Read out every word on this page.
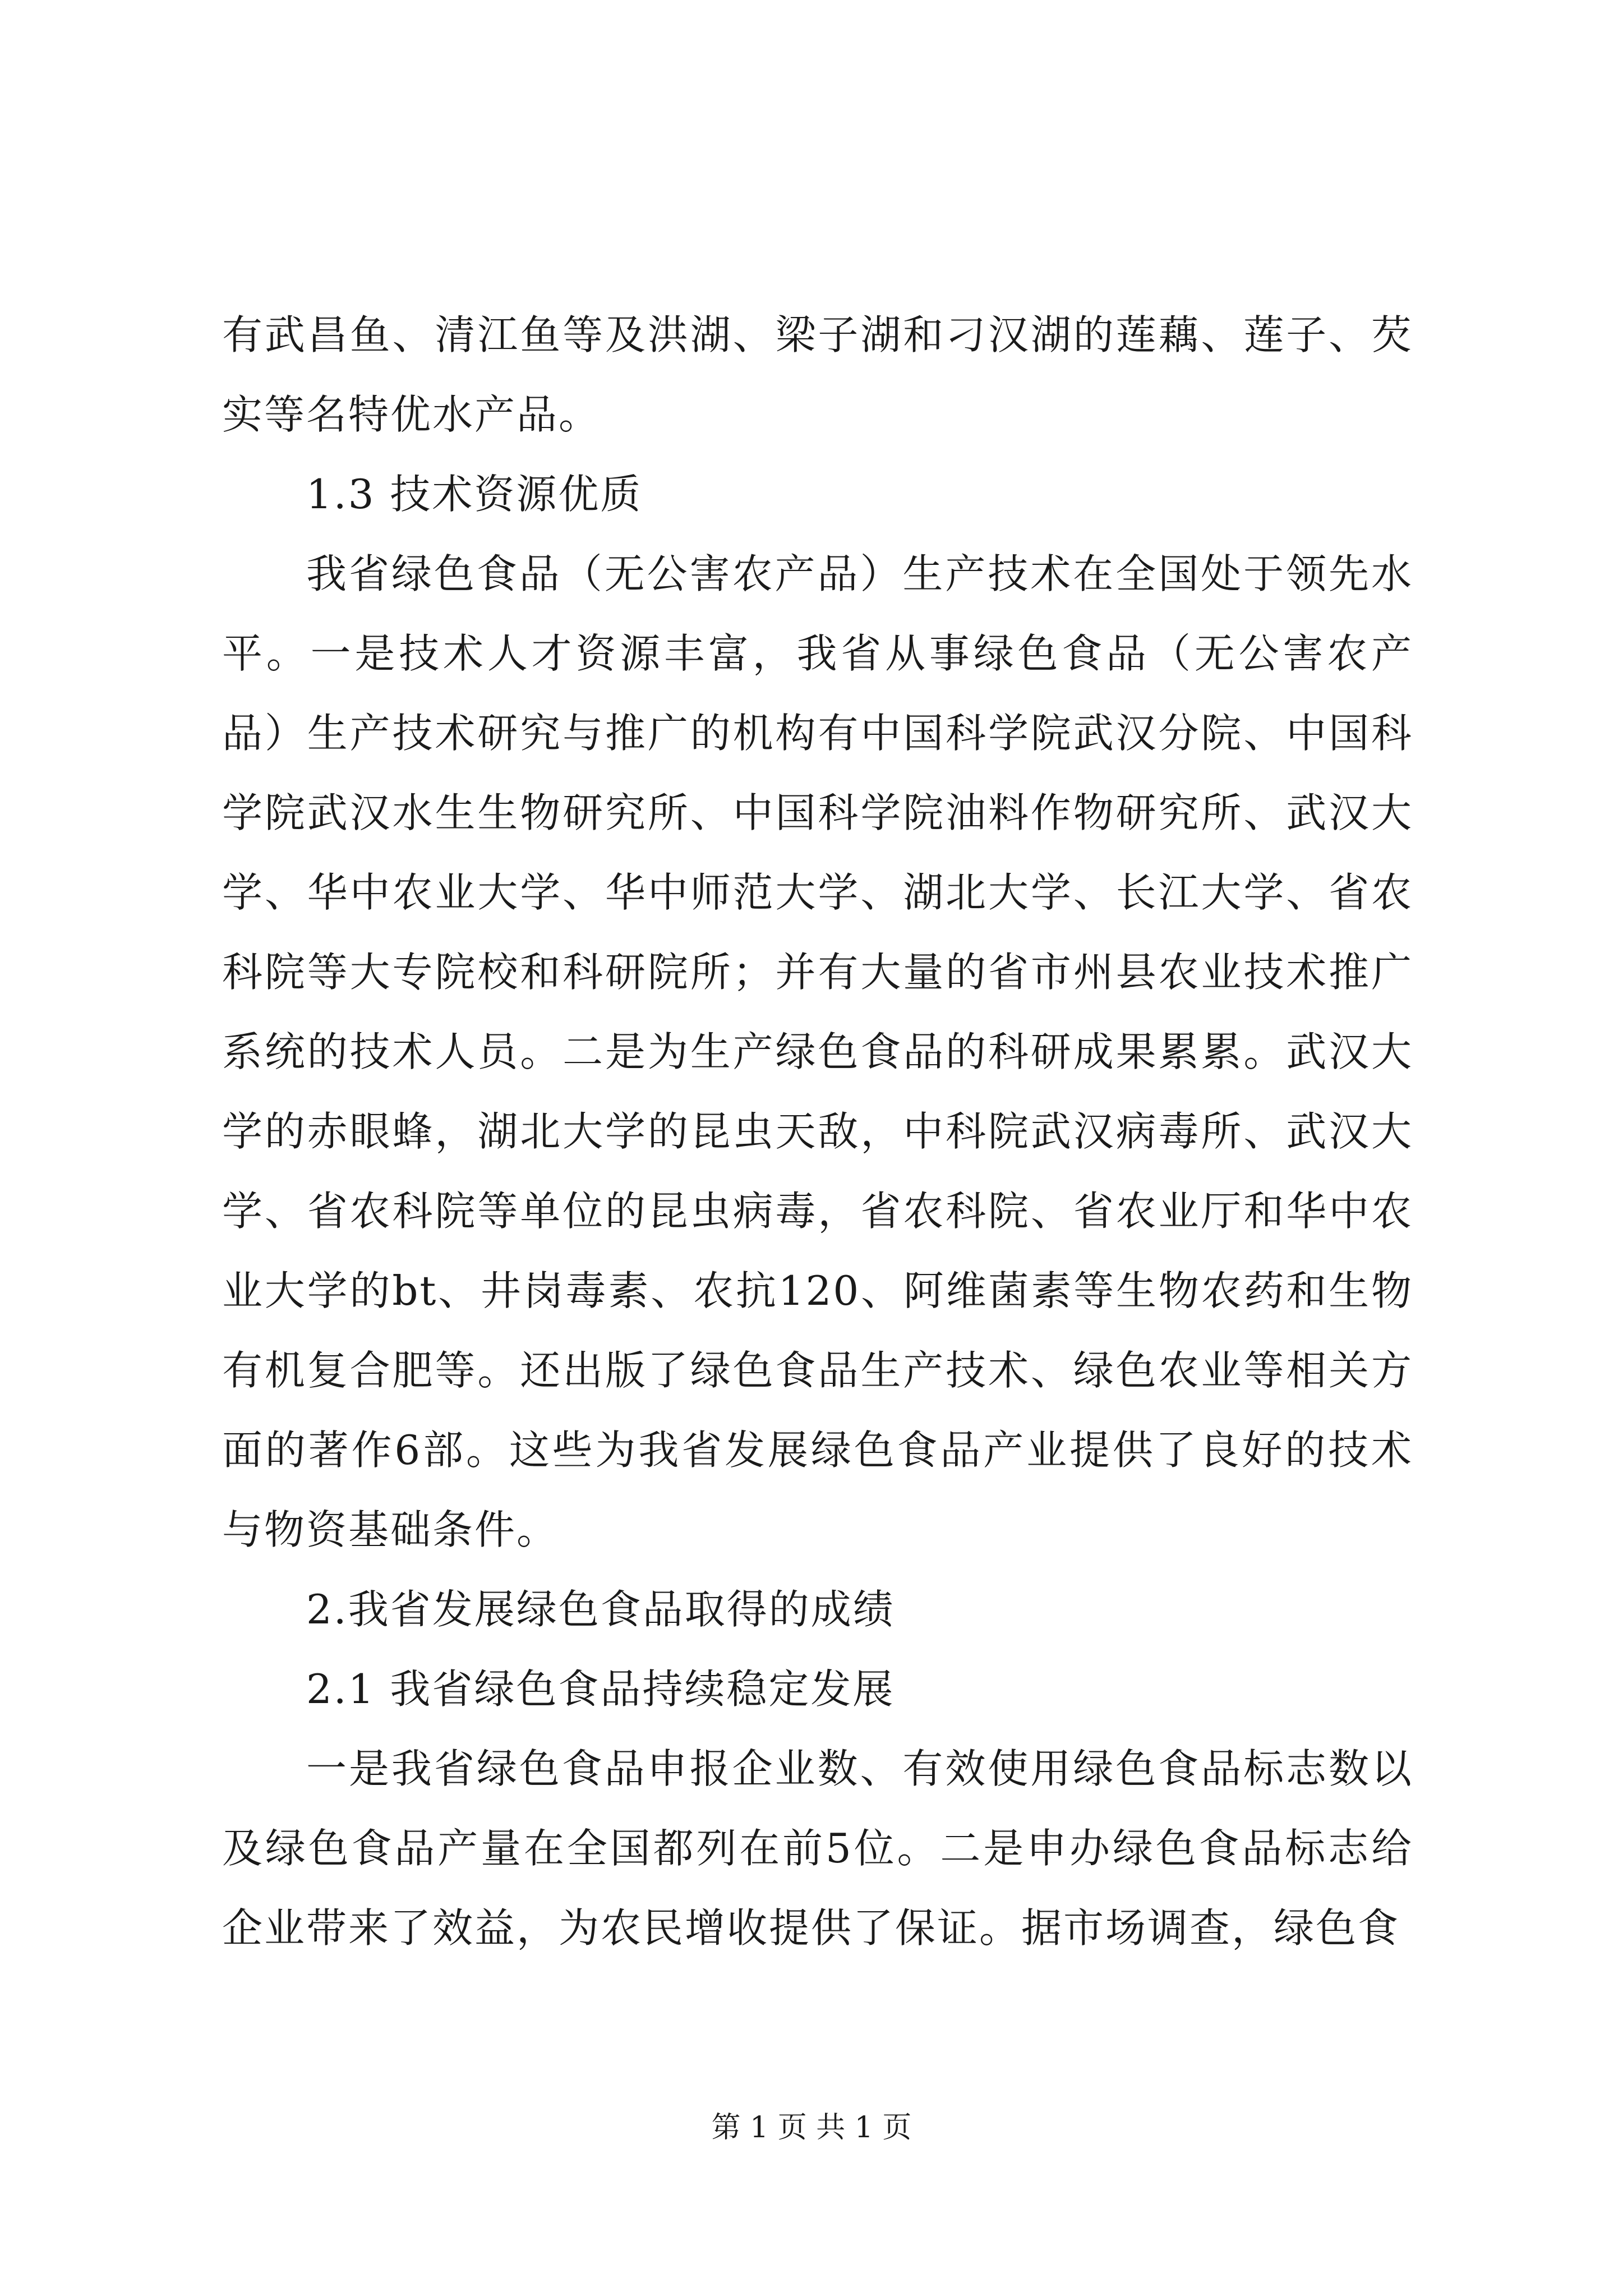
有武昌鱼、清江鱼等及洪湖、梁子湖和刁汉湖的莲藕、莲子、芡实等名特优水产品。

1.3 技术资源优质

我省绿色食品（无公害农产品）生产技术在全国处于领先水平。一是技术人才资源丰富，我省从事绿色食品（无公害农产品）生产技术研究与推广的机构有中国科学院武汉分院、中国科学院武汉水生生物研究所、中国科学院油料作物研究所、武汉大学、华中农业大学、华中师范大学、湖北大学、长江大学、省农科院等大专院校和科研院所；并有大量的省市州县农业技术推广系统的技术人员。二是为生产绿色食品的科研成果累累。武汉大学的赤眼蜂，湖北大学的昆虫天敌，中科院武汉病毒所、武汉大学、省农科院等单位的昆虫病毒，省农科院、省农业厅和华中农业大学的bt、井岗毒素、农抗120、阿维菌素等生物农药和生物有机复合肥等。还出版了绿色食品生产技术、绿色农业等相关方面的著作6部。这些为我省发展绿色食品产业提供了良好的技术与物资基础条件。

2.我省发展绿色食品取得的成绩

2.1 我省绿色食品持续稳定发展

一是我省绿色食品申报企业数、有效使用绿色食品标志数以及绿色食品产量在全国都列在前5位。二是申办绿色食品标志给企业带来了效益，为农民增收提供了保证。据市场调查，绿色食

第 1 页 共 1 页
